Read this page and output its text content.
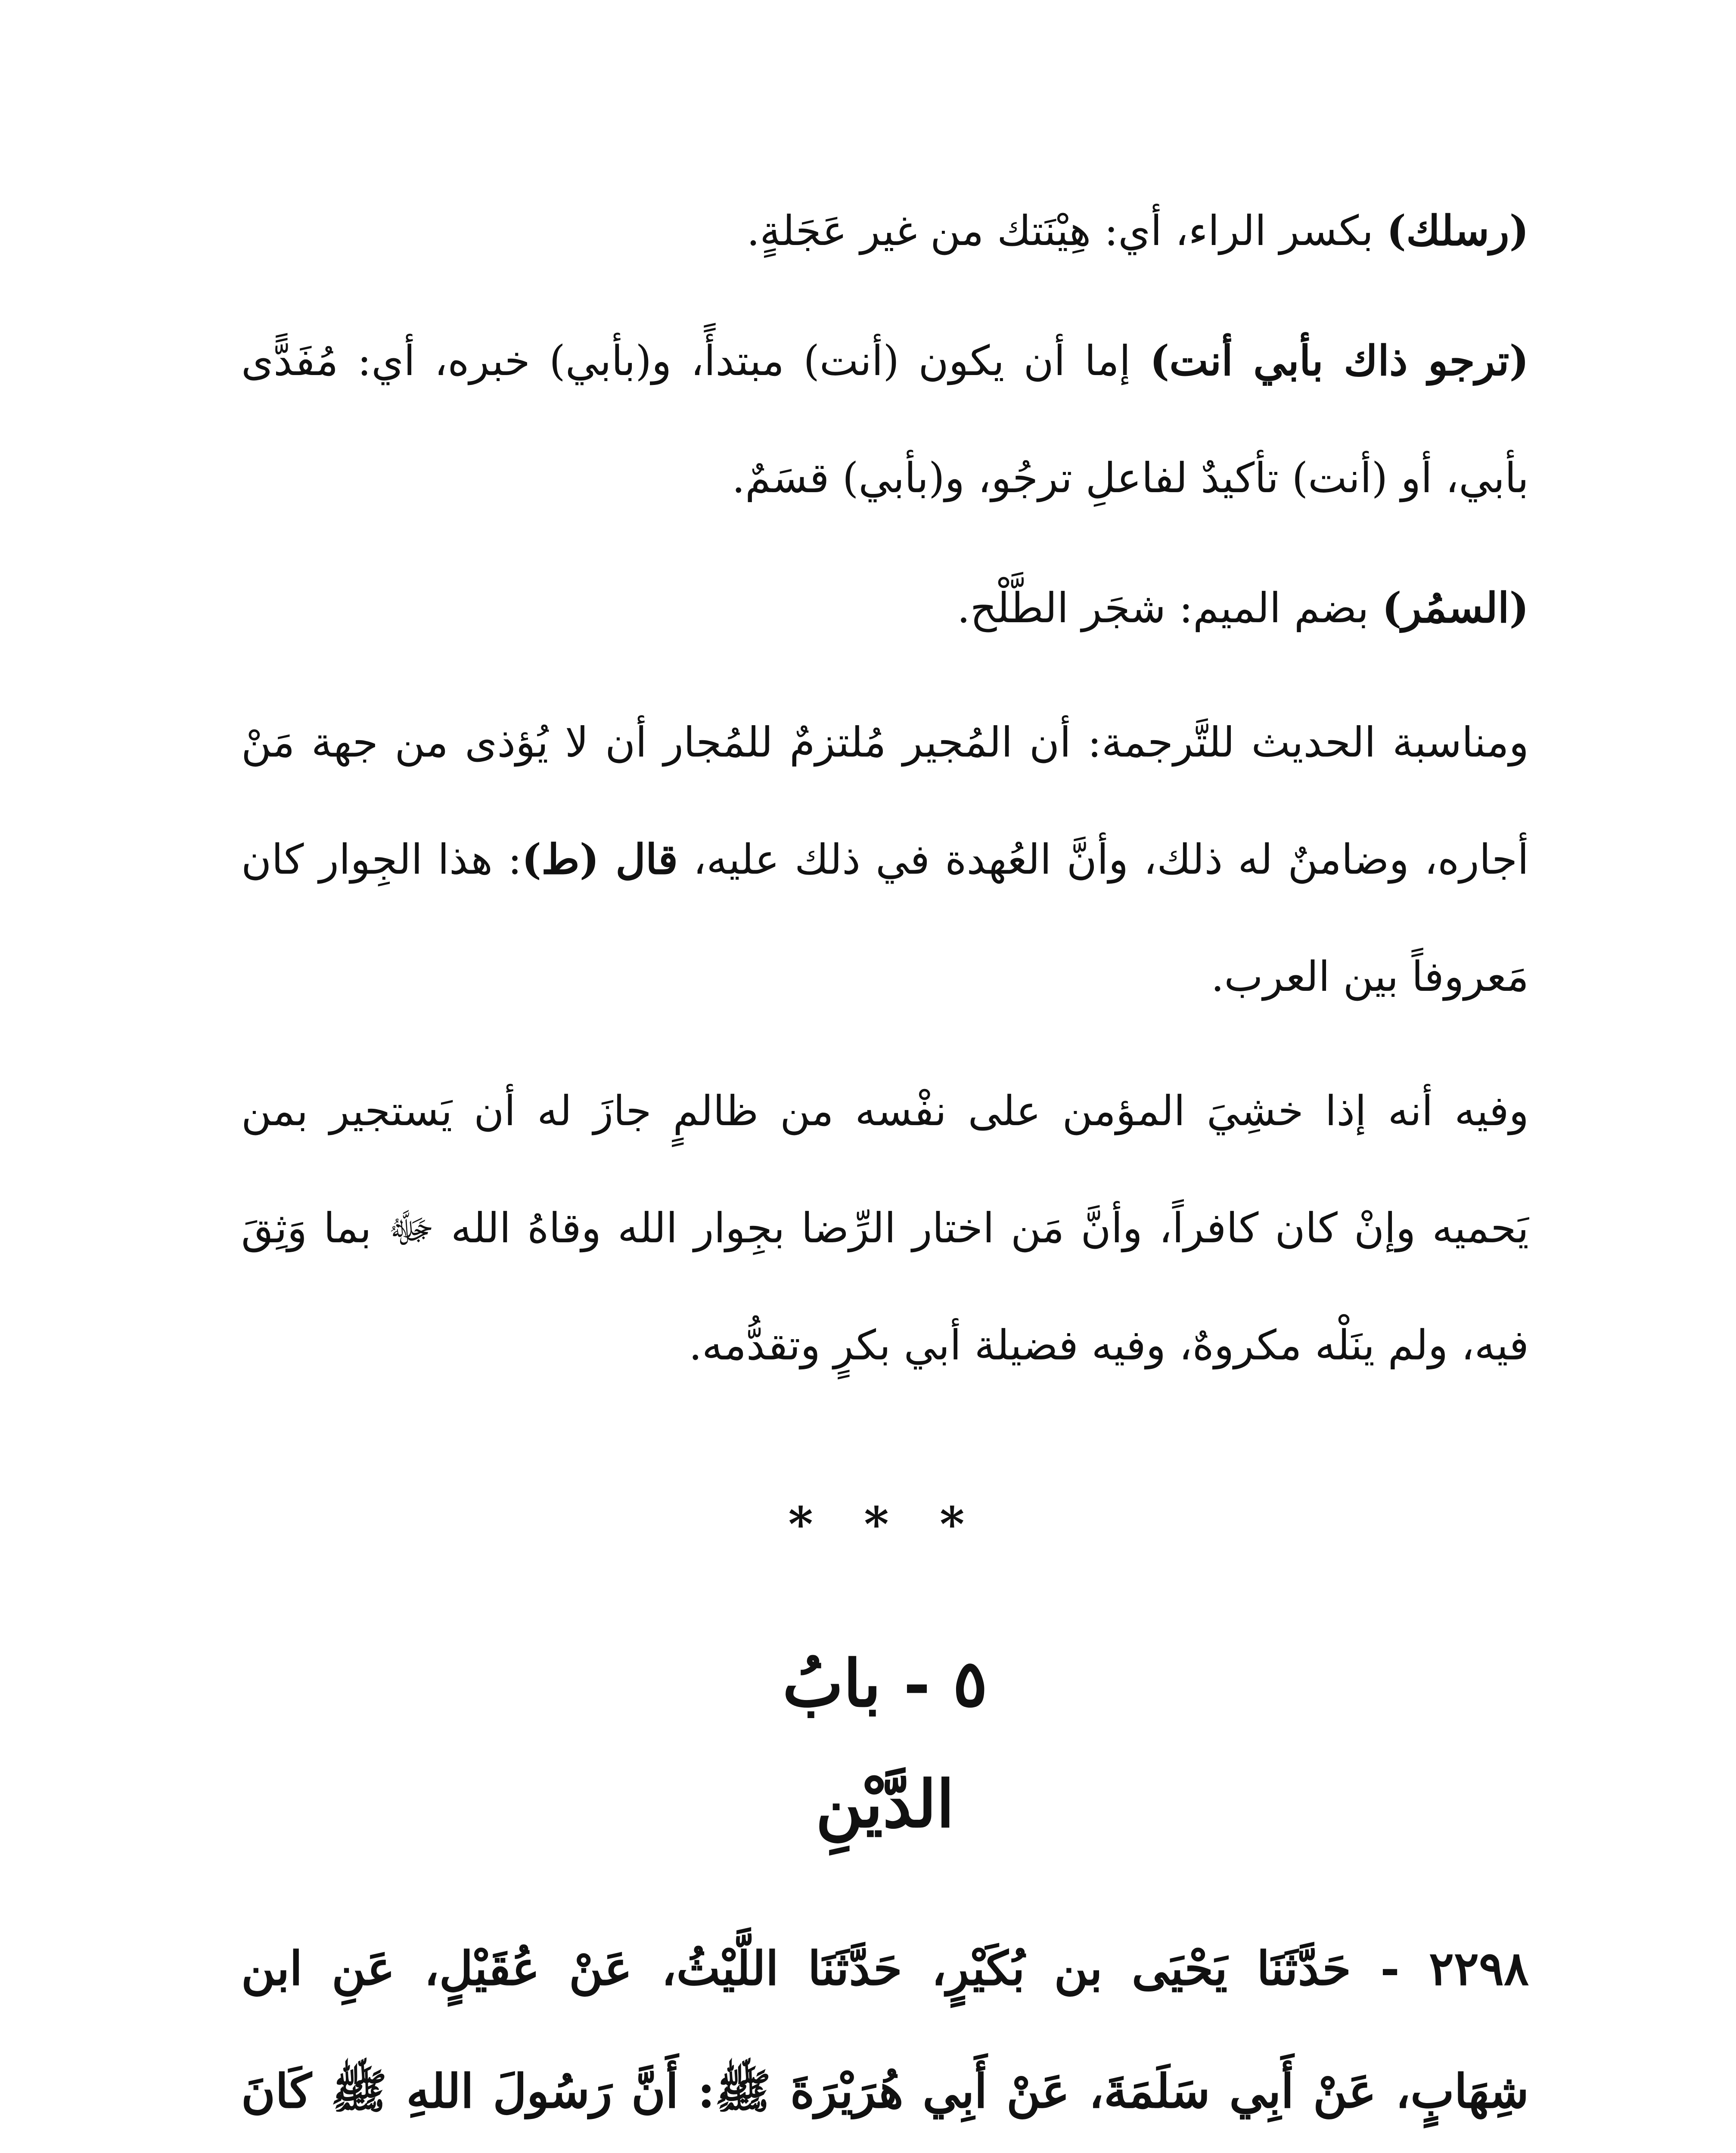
(رسلك) بكسر الراء، أي: هِيْنَتك من غير عَجَلةٍ.

(ترجو ذاك بأبي أنت) إما أن يكون (أنت) مبتدأً، و(بأبي) خبره، أي: مُفَدًّى بأبي، أو (أنت) تأكيدٌ لفاعلِ ترجُو، و(بأبي) قسَمٌ.

(السمُر) بضم الميم: شجَر الطَّلْح.

ومناسبة الحديث للتَّرجمة: أن المُجير مُلتزمٌ للمُجار أن لا يُؤذى من جهة مَنْ أجاره، وضامنٌ له ذلك، وأنَّ العُهدة في ذلك عليه، قال (ط): هذا الجِوار كان مَعروفاً بين العرب.

وفيه أنه إذا خشِيَ المؤمن على نفْسه من ظالمٍ جازَ له أن يَستجير بمن يَحميه وإنْ كان كافراً، وأنَّ مَن اختار الرِّضا بجِوار الله وقاهُ الله ﷻ بما وَثِقَ فيه، ولم ينَلْه مكروهٌ، وفيه فضيلة أبي بكرٍ وتقدُّمه.

* * *
٥ - بابُ
الدَّيْنِ

٢٢٩٨ - حَدَّثَنَا يَحْيَى بن بُكَيْرٍ، حَدَّثَنَا اللَّيْثُ، عَنْ عُقَيْلٍ، عَنِ ابن شِهَابٍ، عَنْ أَبِي سَلَمَةَ، عَنْ أَبِي هُرَيْرَةَ ﷺ: أَنَّ رَسُولَ اللهِ ﷺ كَانَ
